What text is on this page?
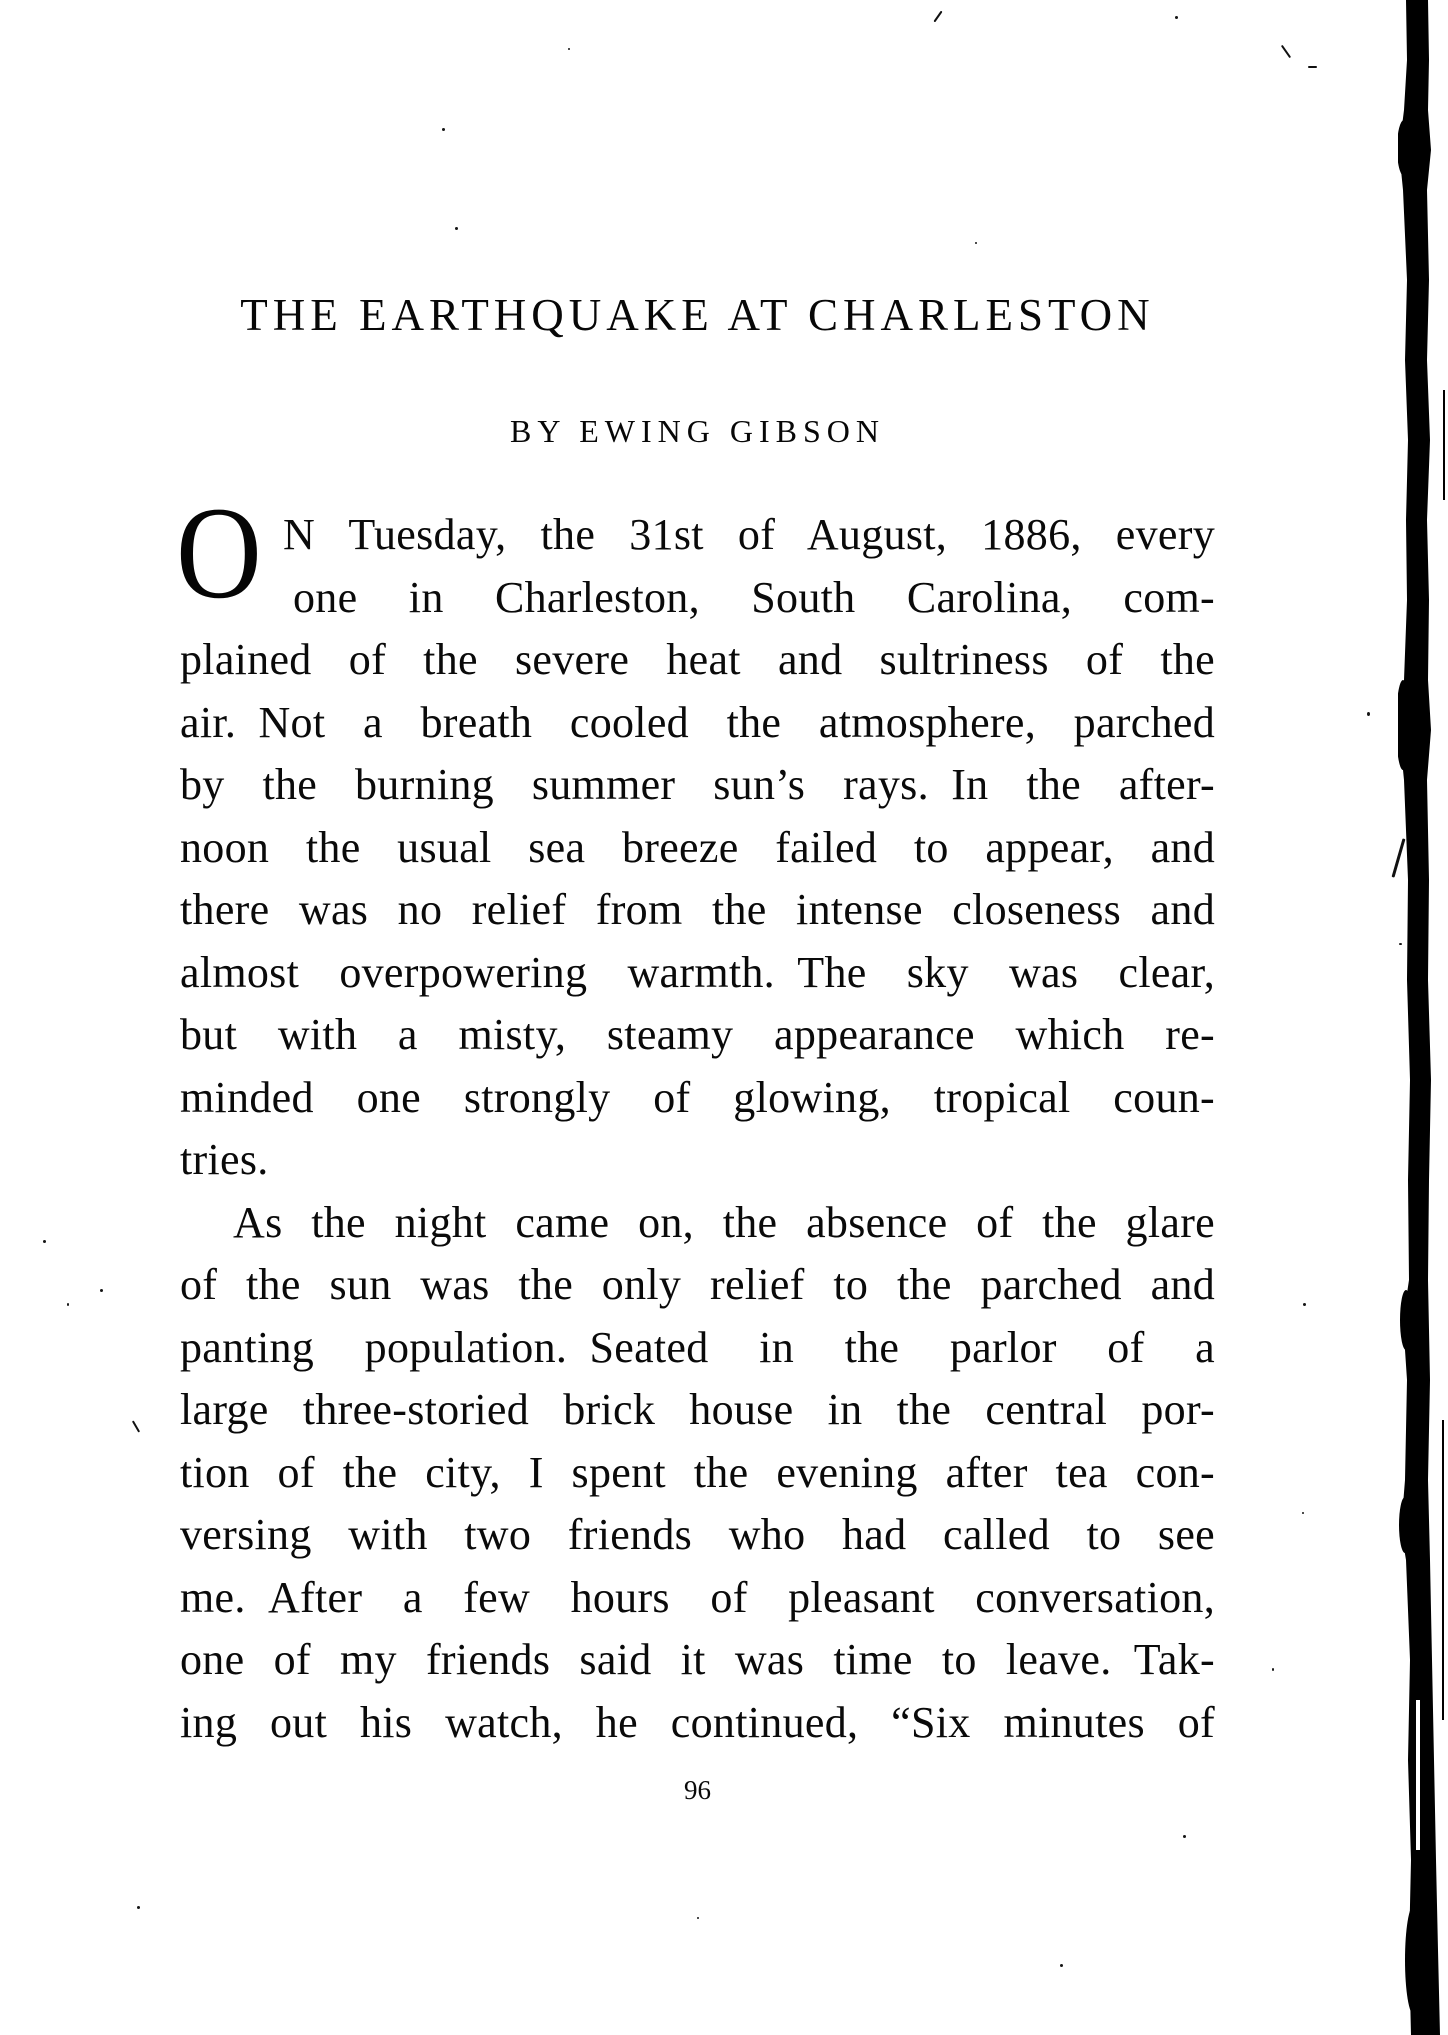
THE EARTHQUAKE AT CHARLESTON
BY EWING GIBSON
O N Tuesday, the 31st of August, 1886, every
one in Charleston, South Carolina, com-
plained of the severe heat and sultriness of the
air. Not a breath cooled the atmosphere, parched
by the burning summer sun’s rays. In the after-
noon the usual sea breeze failed to appear, and
there was no relief from the intense closeness and
almost overpowering warmth. The sky was clear,
but with a misty, steamy appearance which re-
minded one strongly of glowing, tropical coun-
tries.
As the night came on, the absence of the glare
of the sun was the only relief to the parched and
panting population. Seated in the parlor of a
large three-storied brick house in the central por-
tion of the city, I spent the evening after tea con-
versing with two friends who had called to see
me. After a few hours of pleasant conversation,
one of my friends said it was time to leave. Tak-
ing out his watch, he continued, “Six minutes of
96
